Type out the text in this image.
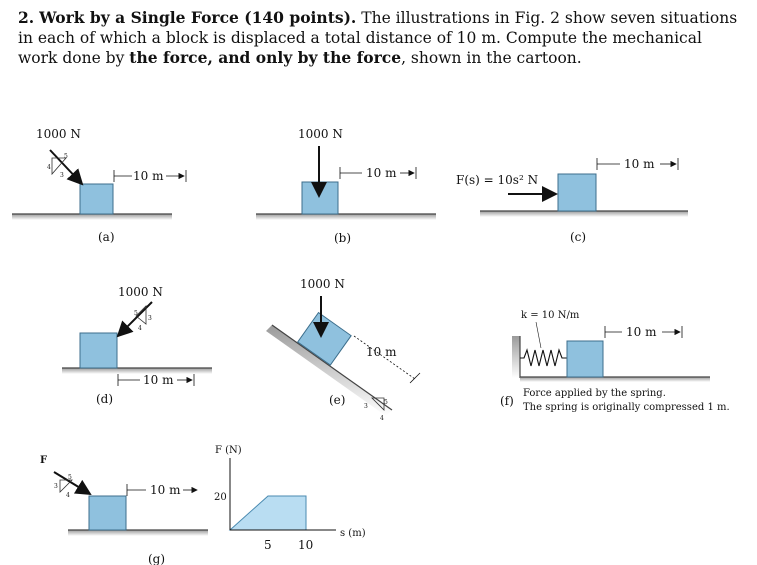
2. Work by a Single Force (140 points). The illustrations in Fig. 2 show seven situations in each of which a block is displaced a total distance of 10 m. Compute the mechanical work done by the force, and only by the force, shown in the cartoon.
5
4
3
1000 N
10 m
(a)
1000 N
10 m
(b)
F(s) = 10s² N
10 m
(c)
5
3
4
1000 N
10 m
(d)
1000 N
10 m
3
5
4
(e)
k = 10 N/m
10 m
(f)
Force applied by the spring.
The spring is originally compressed 1 m.
5
3
4
F
10 m
(g)
F (N)
s (m)
20
5 10
